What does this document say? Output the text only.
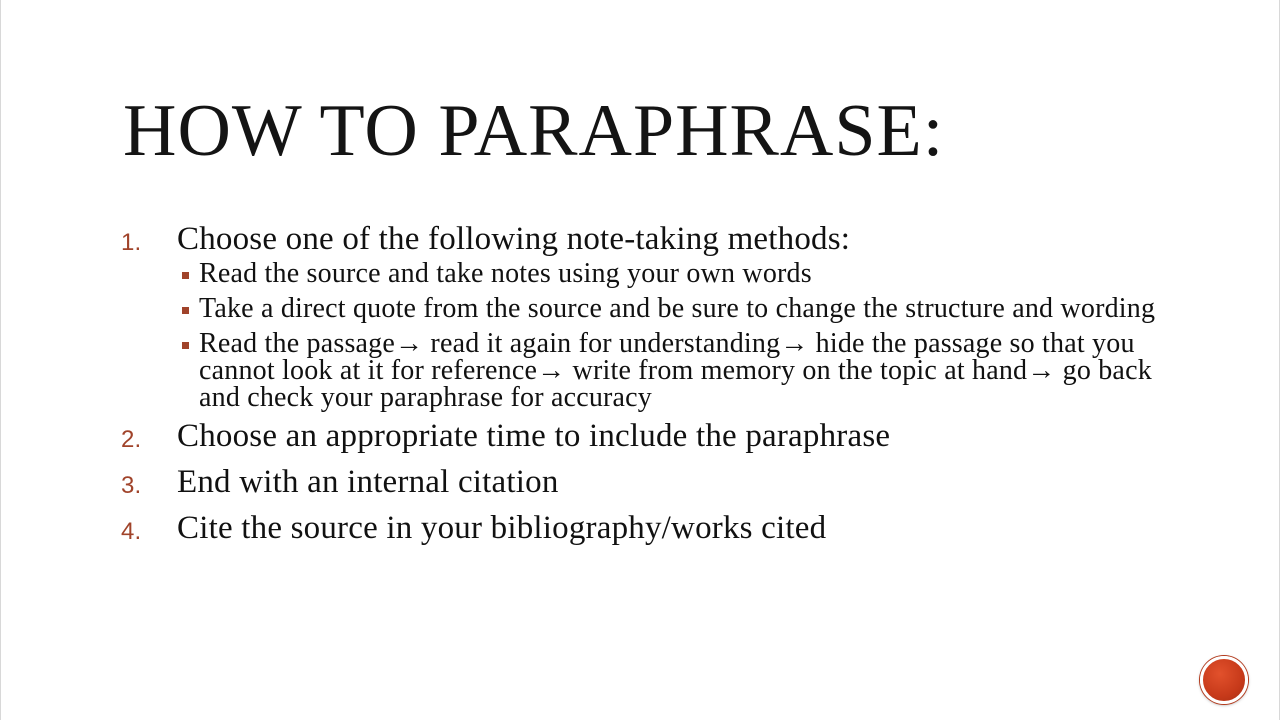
HOW TO PARAPHRASE:
1. Choose one of the following note-taking methods:
Read the source and take notes using your own words
Take a direct quote from the source and be sure to change the structure and wording
Read the passage→ read it again for understanding→ hide the passage so that you cannot look at it for reference→ write from memory on the topic at hand→ go back and check your paraphrase for accuracy
2. Choose an appropriate time to include the paraphrase
3. End with an internal citation
4. Cite the source in your bibliography/works cited
